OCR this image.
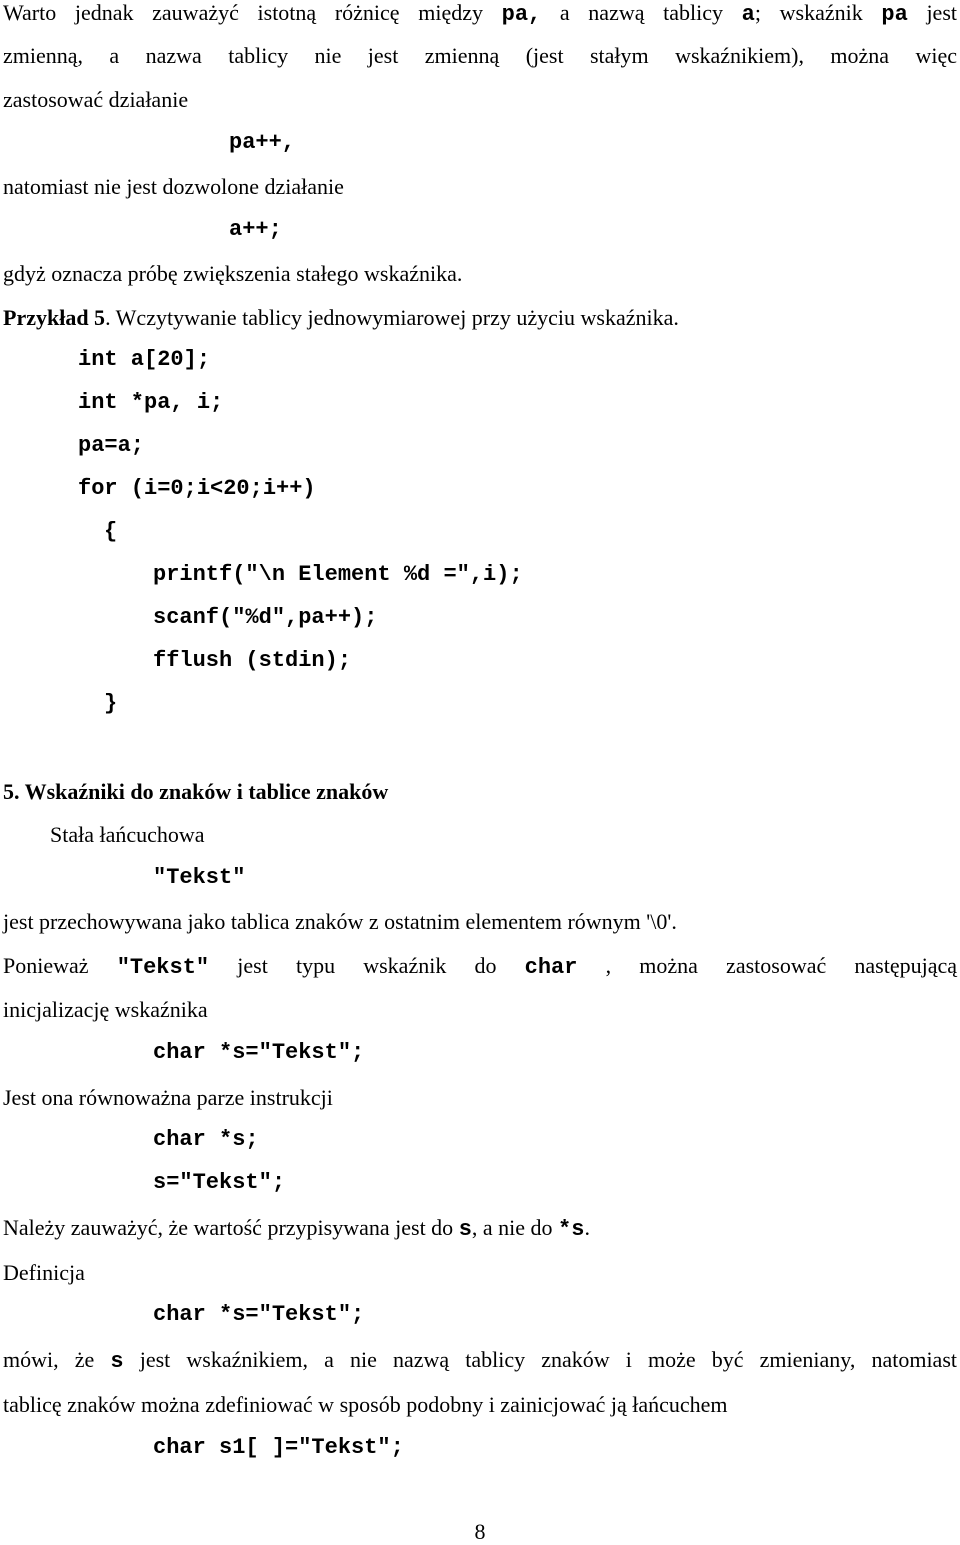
Warto jednak zauważyć istotną różnicę między pa, a nazwą tablicy a; wskaźnik pa jest
zmienną, a nazwa tablicy nie jest zmienną (jest stałym wskaźnikiem), można więc
zastosować działanie
pa++,
natomiast nie jest dozwolone działanie
a++;
gdyż oznacza próbę zwiększenia stałego wskaźnika.
Przykład 5. Wczytywanie tablicy jednowymiarowej przy użyciu wskaźnika.
int a[20];
int *pa, i;
pa=a;
for (i=0;i<20;i++)
{
printf("\n Element %d =",i);
scanf("%d",pa++);
fflush (stdin);
}
5. Wskaźniki do znaków i tablice znaków
Stała łańcuchowa
"Tekst"
jest przechowywana jako tablica znaków z ostatnim elementem równym '\0'.
Ponieważ "Tekst" jest typu wskaźnik do char , można zastosować następującą
inicjalizację wskaźnika
char *s="Tekst";
Jest ona równoważna parze instrukcji
char *s;
s="Tekst";
Należy zauważyć, że wartość przypisywana jest do s, a nie do *s.
Definicja
char *s="Tekst";
mówi, że s jest wskaźnikiem, a nie nazwą tablicy znaków i może być zmieniany, natomiast
tablicę znaków można zdefiniować w sposób podobny i zainicjować ją łańcuchem
char s1[ ]="Tekst";
8
